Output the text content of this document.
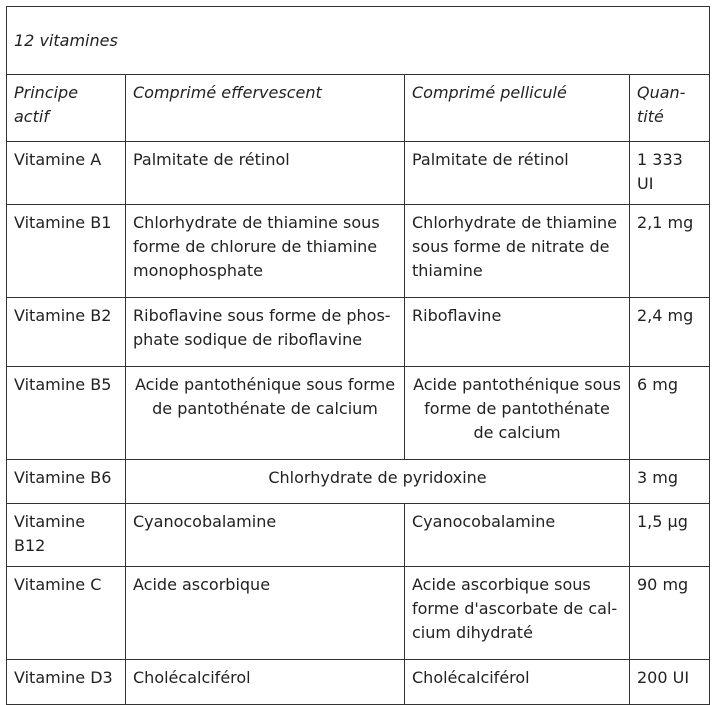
12 vitamines			
Principe actif	Comprimé effervescent	Comprimé pelliculé	Quan- tité
Vitamine A	Palmitate de rétinol	Palmitate de rétinol	1 333 UI
Vitamine B1	Chlorhydrate de thiamine sous forme de chlorure de thiamine monophosphate	Chlorhydrate de thiamine sous forme de nitrate de thiamine	2,1 mg
Vitamine B2	Riboflavine sous forme de phos- phate sodique de riboflavine	Riboflavine	2,4 mg
Vitamine B5	Acide pantothénique sous forme de pantothénate de calcium	Acide pantothénique sous forme de pantothénate de calcium	6 mg
Vitamine B6	Chlorhydrate de pyridoxine		3 mg
Vitamine B12	Cyanocobalamine	Cyanocobalamine	1,5 µg
Vitamine C	Acide ascorbique	Acide ascorbique sous forme d'ascorbate de cal- cium dihydraté	90 mg
Vitamine D3	Cholécalciférol	Cholécalciférol	200 UI
